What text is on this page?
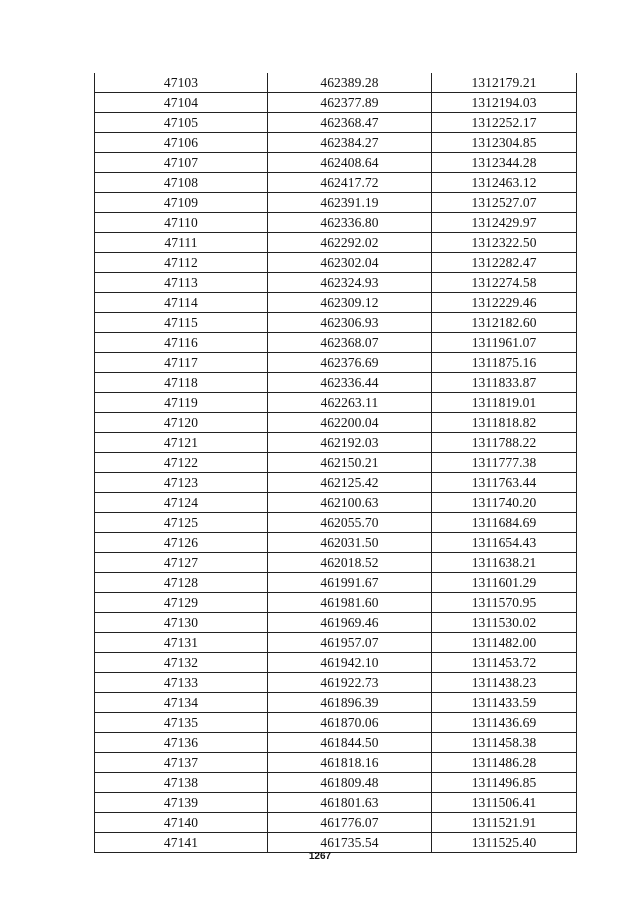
47103	462389.28	1312179.21
47104	462377.89	1312194.03
47105	462368.47	1312252.17
47106	462384.27	1312304.85
47107	462408.64	1312344.28
47108	462417.72	1312463.12
47109	462391.19	1312527.07
47110	462336.80	1312429.97
47111	462292.02	1312322.50
47112	462302.04	1312282.47
47113	462324.93	1312274.58
47114	462309.12	1312229.46
47115	462306.93	1312182.60
47116	462368.07	1311961.07
47117	462376.69	1311875.16
47118	462336.44	1311833.87
47119	462263.11	1311819.01
47120	462200.04	1311818.82
47121	462192.03	1311788.22
47122	462150.21	1311777.38
47123	462125.42	1311763.44
47124	462100.63	1311740.20
47125	462055.70	1311684.69
47126	462031.50	1311654.43
47127	462018.52	1311638.21
47128	461991.67	1311601.29
47129	461981.60	1311570.95
47130	461969.46	1311530.02
47131	461957.07	1311482.00
47132	461942.10	1311453.72
47133	461922.73	1311438.23
47134	461896.39	1311433.59
47135	461870.06	1311436.69
47136	461844.50	1311458.38
47137	461818.16	1311486.28
47138	461809.48	1311496.85
47139	461801.63	1311506.41
47140	461776.07	1311521.91
47141	461735.54	1311525.40
1267
